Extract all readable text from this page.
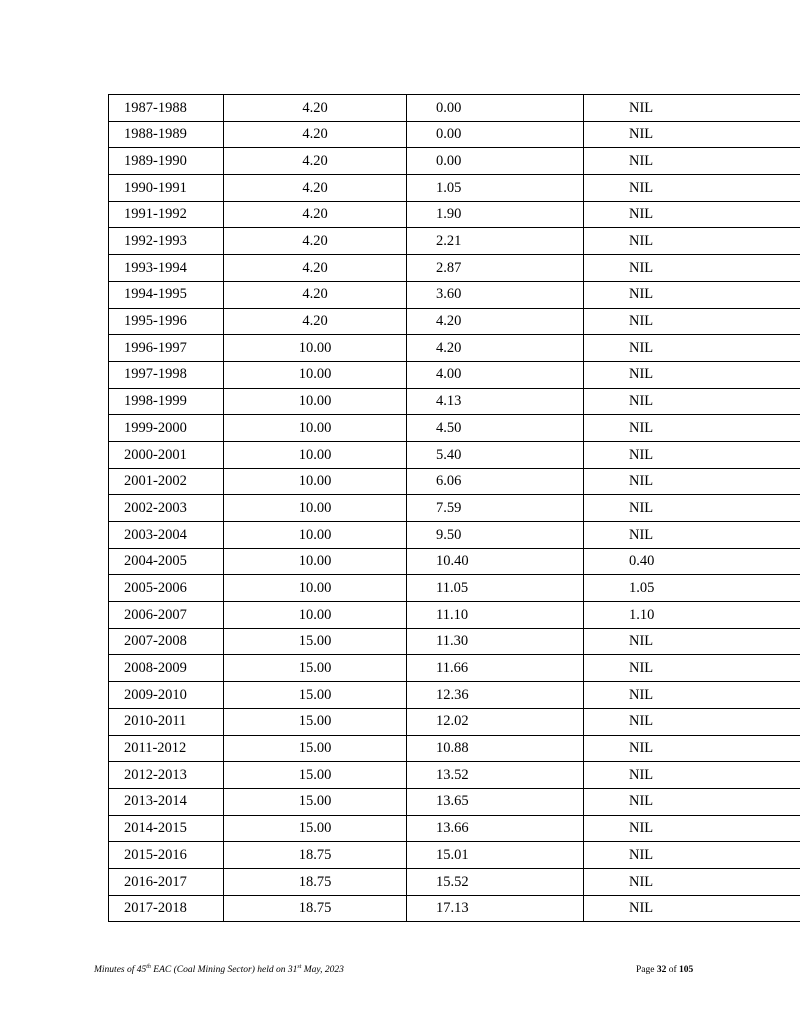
1987-1988	4.20	0.00	NIL
1988-1989	4.20	0.00	NIL
1989-1990	4.20	0.00	NIL
1990-1991	4.20	1.05	NIL
1991-1992	4.20	1.90	NIL
1992-1993	4.20	2.21	NIL
1993-1994	4.20	2.87	NIL
1994-1995	4.20	3.60	NIL
1995-1996	4.20	4.20	NIL
1996-1997	10.00	4.20	NIL
1997-1998	10.00	4.00	NIL
1998-1999	10.00	4.13	NIL
1999-2000	10.00	4.50	NIL
2000-2001	10.00	5.40	NIL
2001-2002	10.00	6.06	NIL
2002-2003	10.00	7.59	NIL
2003-2004	10.00	9.50	NIL
2004-2005	10.00	10.40	0.40
2005-2006	10.00	11.05	1.05
2006-2007	10.00	11.10	1.10
2007-2008	15.00	11.30	NIL
2008-2009	15.00	11.66	NIL
2009-2010	15.00	12.36	NIL
2010-2011	15.00	12.02	NIL
2011-2012	15.00	10.88	NIL
2012-2013	15.00	13.52	NIL
2013-2014	15.00	13.65	NIL
2014-2015	15.00	13.66	NIL
2015-2016	18.75	15.01	NIL
2016-2017	18.75	15.52	NIL
2017-2018	18.75	17.13	NIL
Minutes of 45th EAC (Coal Mining Sector) held on 31st May, 2023	Page 32 of 105
